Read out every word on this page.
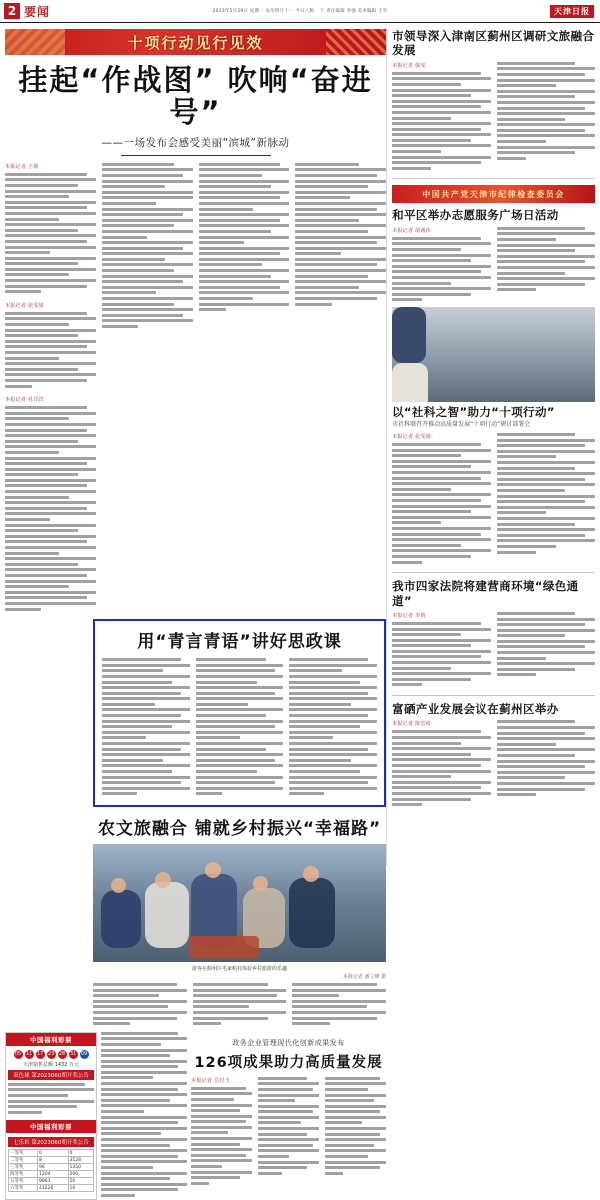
2 要闻	2023年5月29日 星期一 农历四月十一 今日八版 下 责任编辑 李强 美术编辑 王军	天津日报
十项行动见行见效
挂起“作战图” 吹响“奋进号”
——一场发布会感受美丽“滨城”新脉动
本报记者 王睿
本报记者 张雯婧
本报记者 杜洋洋
用“青言青语”讲好思政课
农文旅融合 铺就乡村振兴“幸福路”
游客在蓟州区毛家峪村体验乡村旅游的乐趣
本报记者 潘立峰 摄
中国福利彩票
05 11 17 23 28 31 09
天津销售总额 1432 万元
双色球 第2023060期开奖公告
中国福利彩票
七乐彩 第2023060期开奖公告
一等奖	0	0
二等奖	8	3528
三等奖	96	1350
四等奖	1204	200
五等奖	9863	50
六等奖	41226	10
政务企业管理现代化创新成果发布
126项成果助力高质量发展
本报记者 岳付玉
市领导深入津南区蓟州区调研文旅融合发展
本报记者 韩雯
中国共产党天津市纪律检查委员会
和平区举办志愿服务广场日活动
本报记者 胡萌伟
以“社科之智”助力“十项行动”
市社科联召开推动高质量发展“十项行动”研讨部署会
本报记者 张雯婧
我市四家法院将建营商环境“绿色通道”
本报记者 李倩
富硒产业发展会议在蓟州区举办
本报记者 陈忠权
